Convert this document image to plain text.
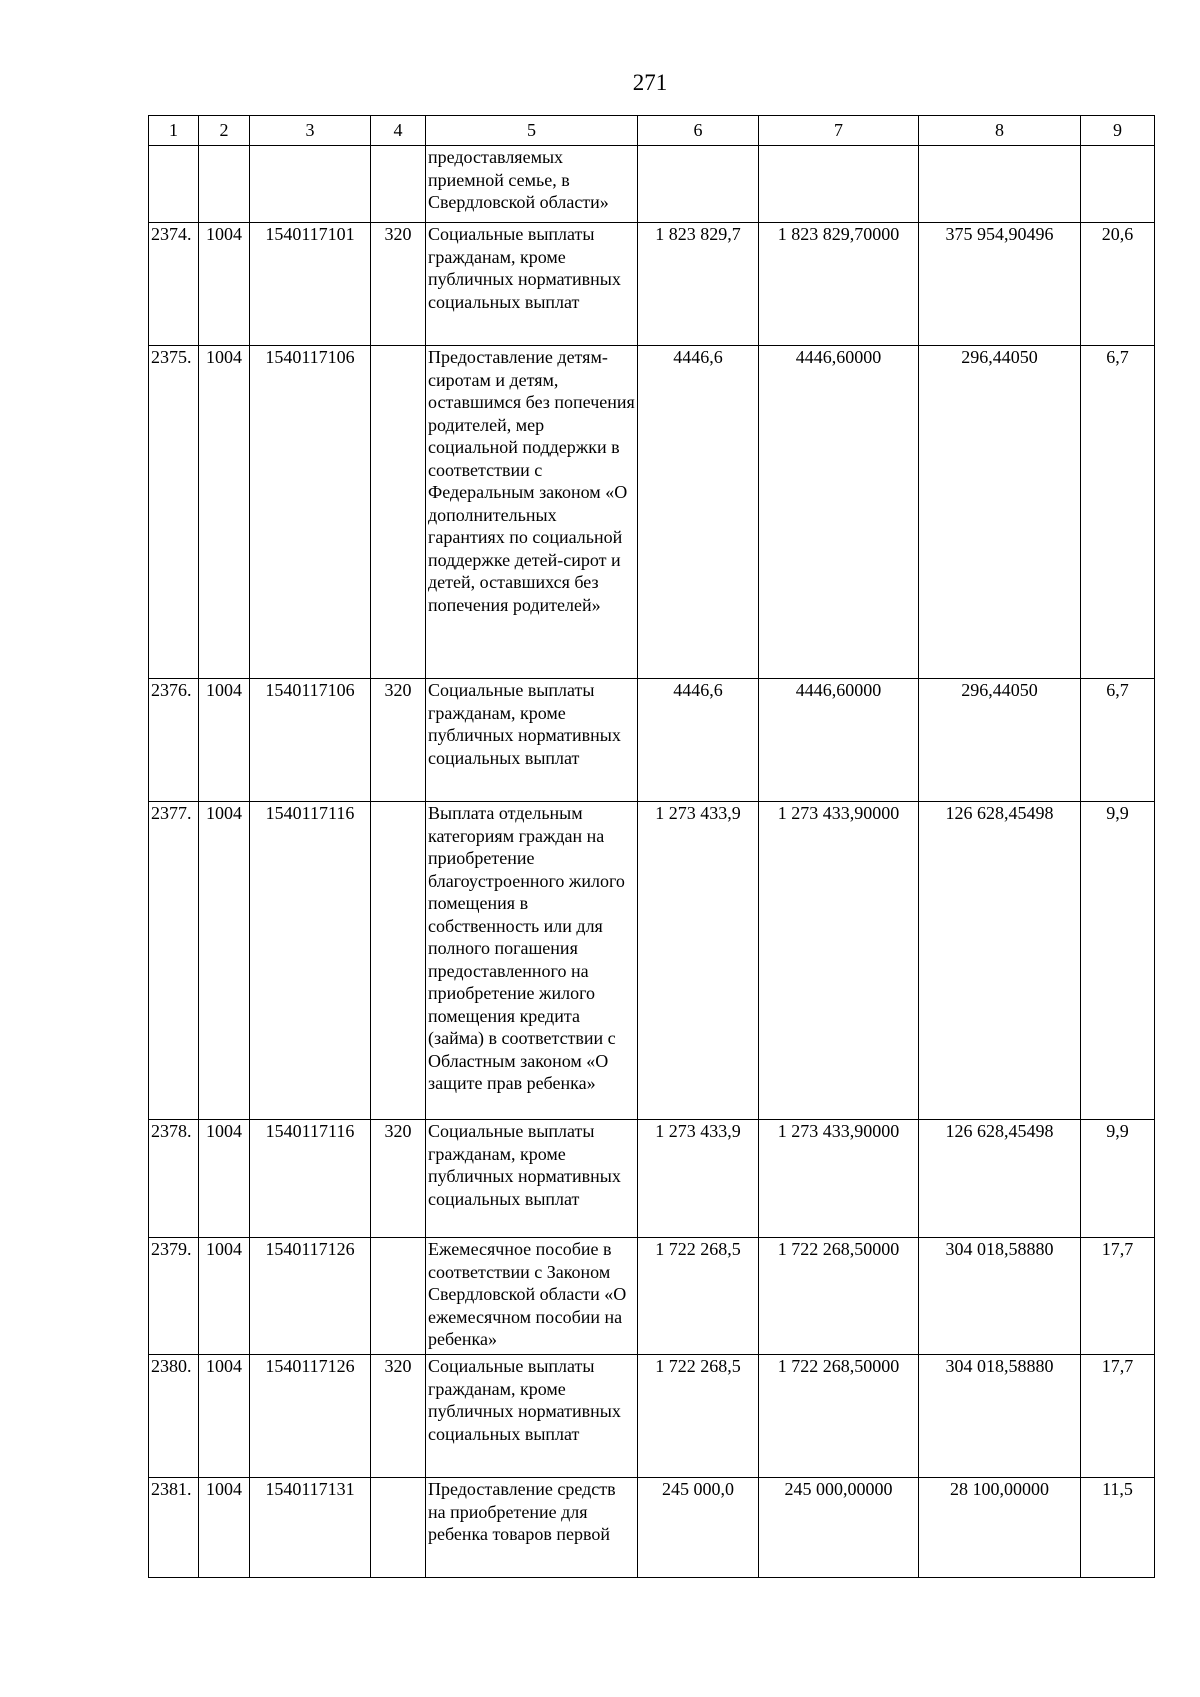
271
1	2	3	4	5	6	7	8	9
				предоставляемых приемной семье, в Свердловской области»				
2374.	1004	1540117101	320	Социальные выплаты гражданам, кроме публичных нормативных социальных выплат	1 823 829,7	1 823 829,70000	375 954,90496	20,6
2375.	1004	1540117106		Предоставление детям-сиротам и детям, оставшимся без попечения родителей, мер социальной поддержки в соответствии с Федеральным законом «О дополнительных гарантиях по социальной поддержке детей-сирот и детей, оставшихся без попечения родителей»	4446,6	4446,60000	296,44050	6,7
2376.	1004	1540117106	320	Социальные выплаты гражданам, кроме публичных нормативных социальных выплат	4446,6	4446,60000	296,44050	6,7
2377.	1004	1540117116		Выплата отдельным категориям граждан на приобретение благоустроенного жилого помещения в собственность или для полного погашения предоставленного на приобретение жилого помещения кредита (займа) в соответствии с Областным законом «О защите прав ребенка»	1 273 433,9	1 273 433,90000	126 628,45498	9,9
2378.	1004	1540117116	320	Социальные выплаты гражданам, кроме публичных нормативных социальных выплат	1 273 433,9	1 273 433,90000	126 628,45498	9,9
2379.	1004	1540117126		Ежемесячное пособие в соответствии с Законом Свердловской области «О ежемесячном пособии на ребенка»	1 722 268,5	1 722 268,50000	304 018,58880	17,7
2380.	1004	1540117126	320	Социальные выплаты гражданам, кроме публичных нормативных социальных выплат	1 722 268,5	1 722 268,50000	304 018,58880	17,7
2381.	1004	1540117131		Предоставление средств на приобретение для ребенка товаров первой	245 000,0	245 000,00000	28 100,00000	11,5
